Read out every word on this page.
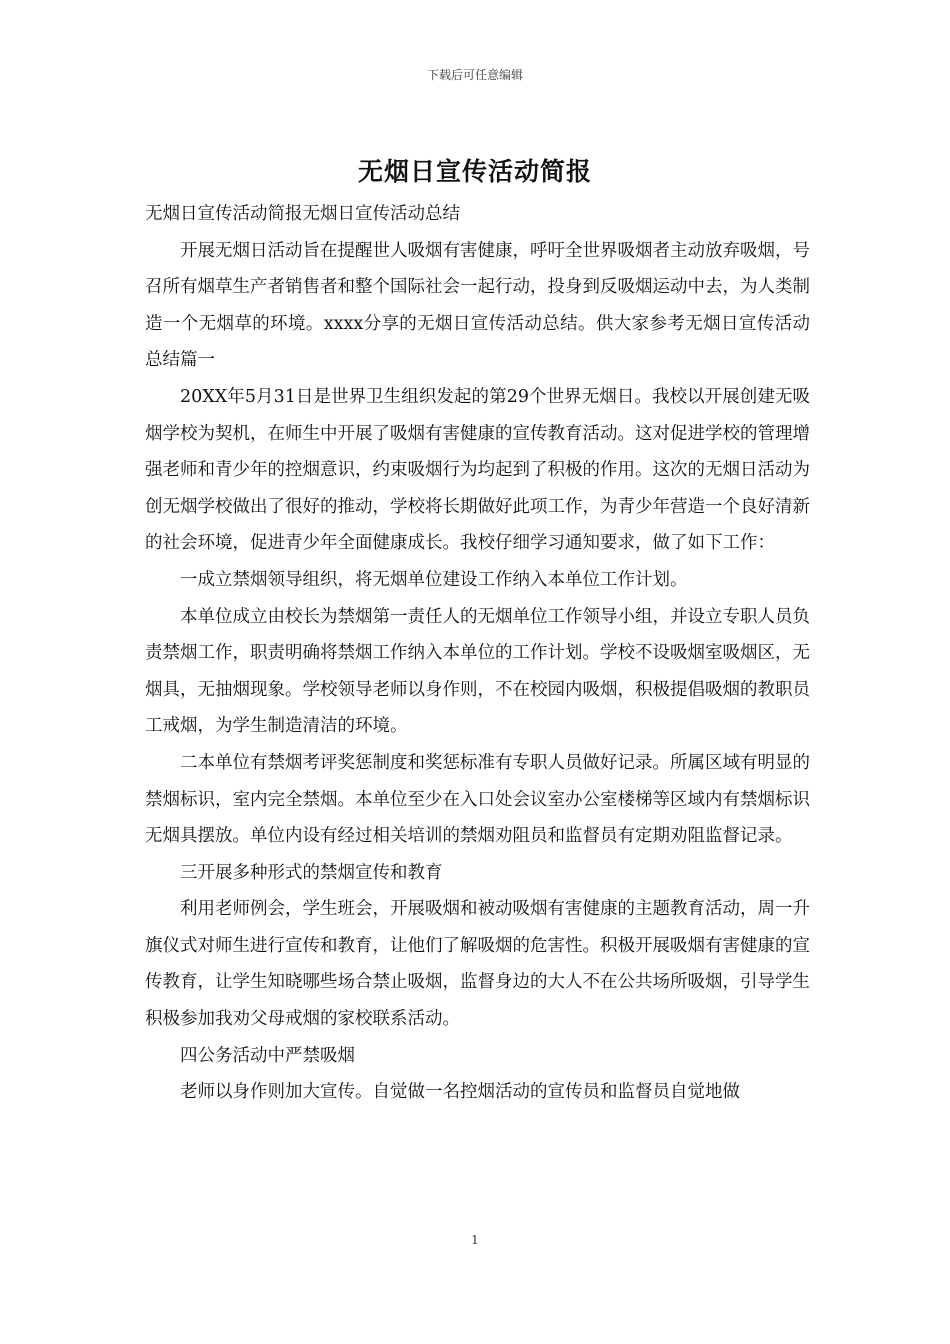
下载后可任意编辑
无烟日宣传活动简报

无烟日宣传活动简报无烟日宣传活动总结

开展无烟日活动旨在提醒世人吸烟有害健康，呼吁全世界吸烟者主动放弃吸烟，号召所有烟草生产者销售者和整个国际社会一起行动，投身到反吸烟运动中去，为人类制造一个无烟草的环境。xxxx分享的无烟日宣传活动总结。供大家参考无烟日宣传活动总结篇一

20XX年5月31日是世界卫生组织发起的第29个世界无烟日。我校以开展创建无吸烟学校为契机，在师生中开展了吸烟有害健康的宣传教育活动。这对促进学校的管理增强老师和青少年的控烟意识，约束吸烟行为均起到了积极的作用。这次的无烟日活动为创无烟学校做出了很好的推动，学校将长期做好此项工作，为青少年营造一个良好清新的社会环境，促进青少年全面健康成长。我校仔细学习通知要求，做了如下工作：

一成立禁烟领导组织，将无烟单位建设工作纳入本单位工作计划。

本单位成立由校长为禁烟第一责任人的无烟单位工作领导小组，并设立专职人员负责禁烟工作，职责明确将禁烟工作纳入本单位的工作计划。学校不设吸烟室吸烟区，无烟具，无抽烟现象。学校领导老师以身作则，不在校园内吸烟，积极提倡吸烟的教职员工戒烟，为学生制造清洁的环境。

二本单位有禁烟考评奖惩制度和奖惩标准有专职人员做好记录。所属区域有明显的禁烟标识，室内完全禁烟。本单位至少在入口处会议室办公室楼梯等区域内有禁烟标识无烟具摆放。单位内设有经过相关培训的禁烟劝阻员和监督员有定期劝阻监督记录。

三开展多种形式的禁烟宣传和教育

利用老师例会，学生班会，开展吸烟和被动吸烟有害健康的主题教育活动，周一升旗仪式对师生进行宣传和教育，让他们了解吸烟的危害性。积极开展吸烟有害健康的宣传教育，让学生知晓哪些场合禁止吸烟，监督身边的大人不在公共场所吸烟，引导学生积极参加我劝父母戒烟的家校联系活动。

四公务活动中严禁吸烟

老师以身作则加大宣传。自觉做一名控烟活动的宣传员和监督员自觉地做

1
